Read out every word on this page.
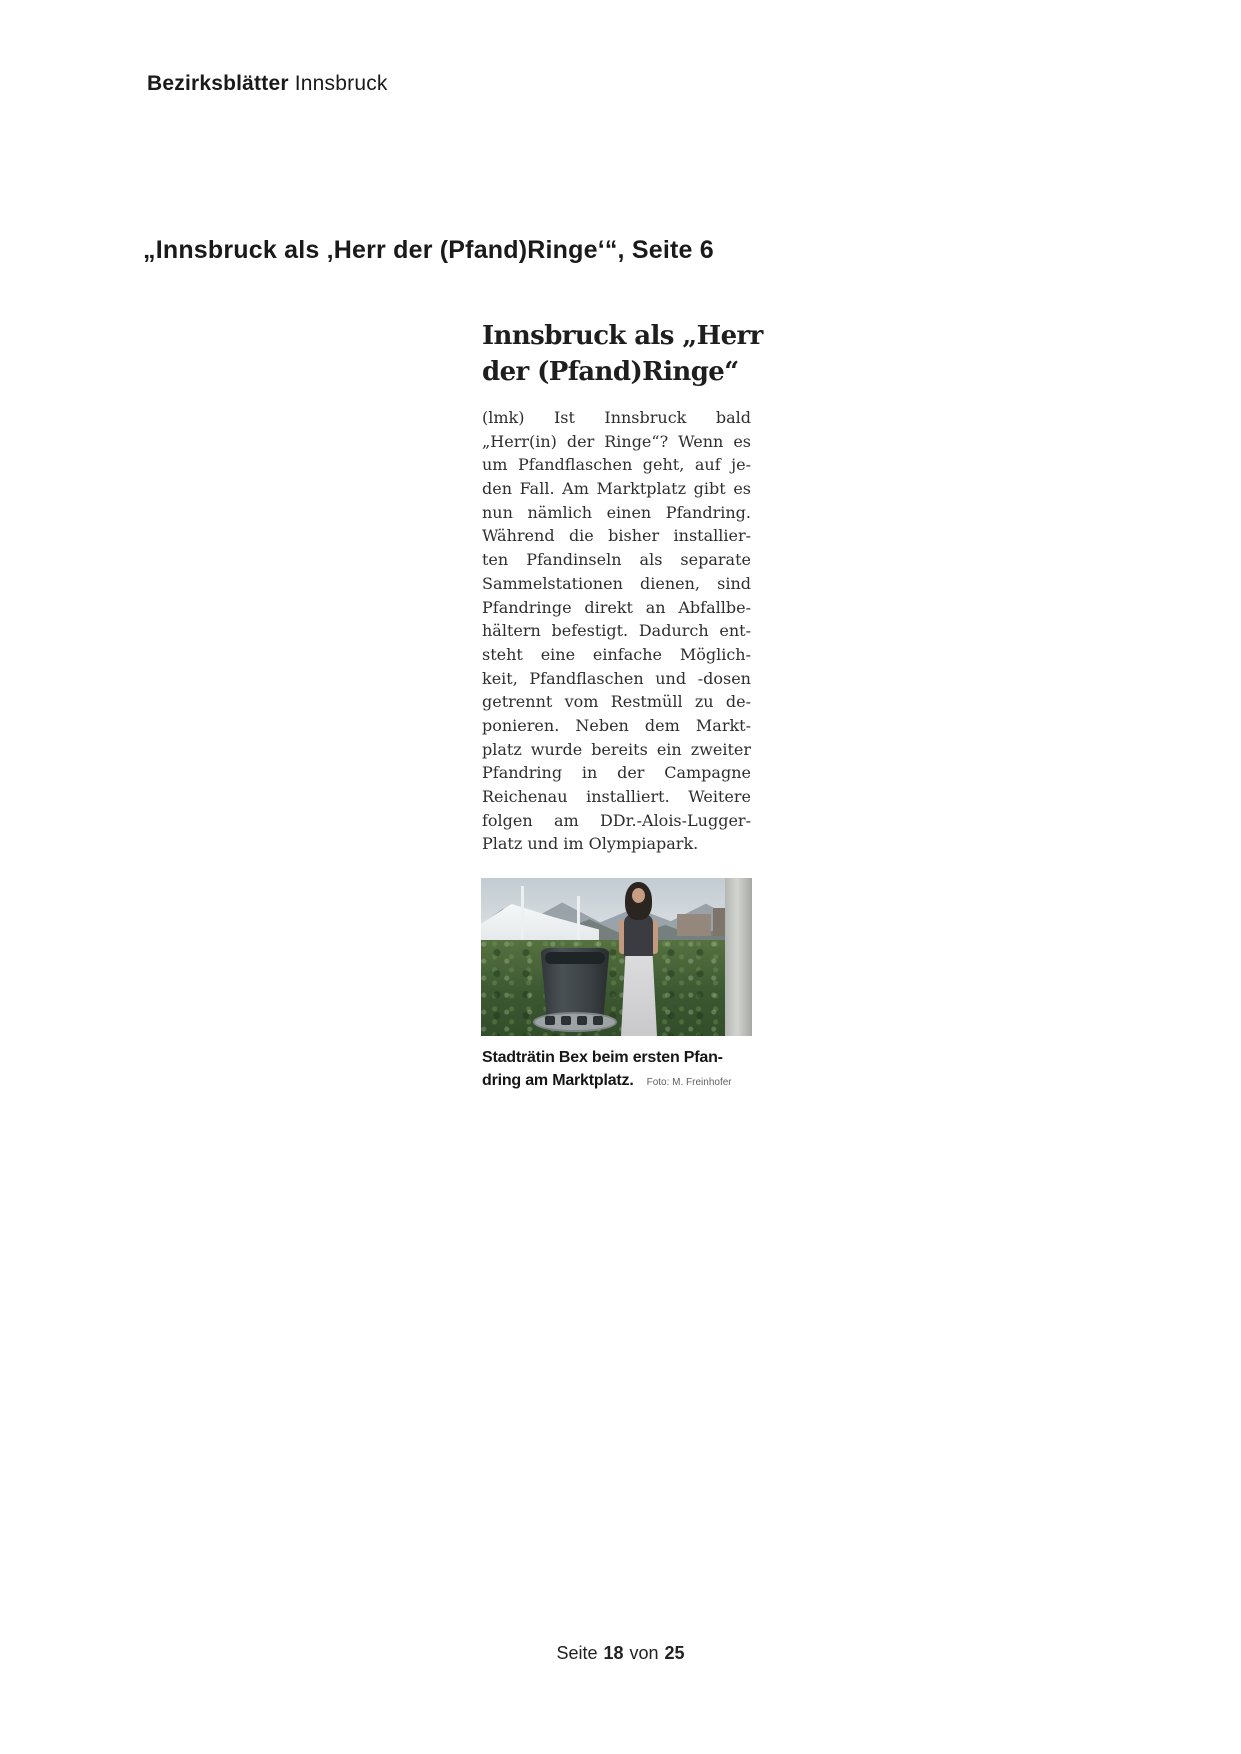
Bezirksblätter Innsbruck
„Innsbruck als ‚Herr der (Pfand)Ringe‘“, Seite 6
Innsbruck als „Herr
der (Pfand)Ringe“
(lmk) Ist Innsbruck bald
„Herr(in) der Ringe“? Wenn es
um Pfandflaschen geht, auf je-
den Fall. Am Marktplatz gibt es
nun nämlich einen Pfandring.
Während die bisher installier-
ten Pfandinseln als separate
Sammelstationen dienen, sind
Pfandringe direkt an Abfallbe-
hältern befestigt. Dadurch ent-
steht eine einfache Möglich-
keit, Pfandflaschen und -dosen
getrennt vom Restmüll zu de-
ponieren. Neben dem Markt-
platz wurde bereits ein zweiter
Pfandring in der Campagne
Reichenau installiert. Weitere
folgen am DDr.-Alois-Lugger-
Platz und im Olympiapark.
Stadträtin Bex beim ersten Pfan-
dring am Marktplatz. Foto: M. Freinhofer
Seite 18 von 25
